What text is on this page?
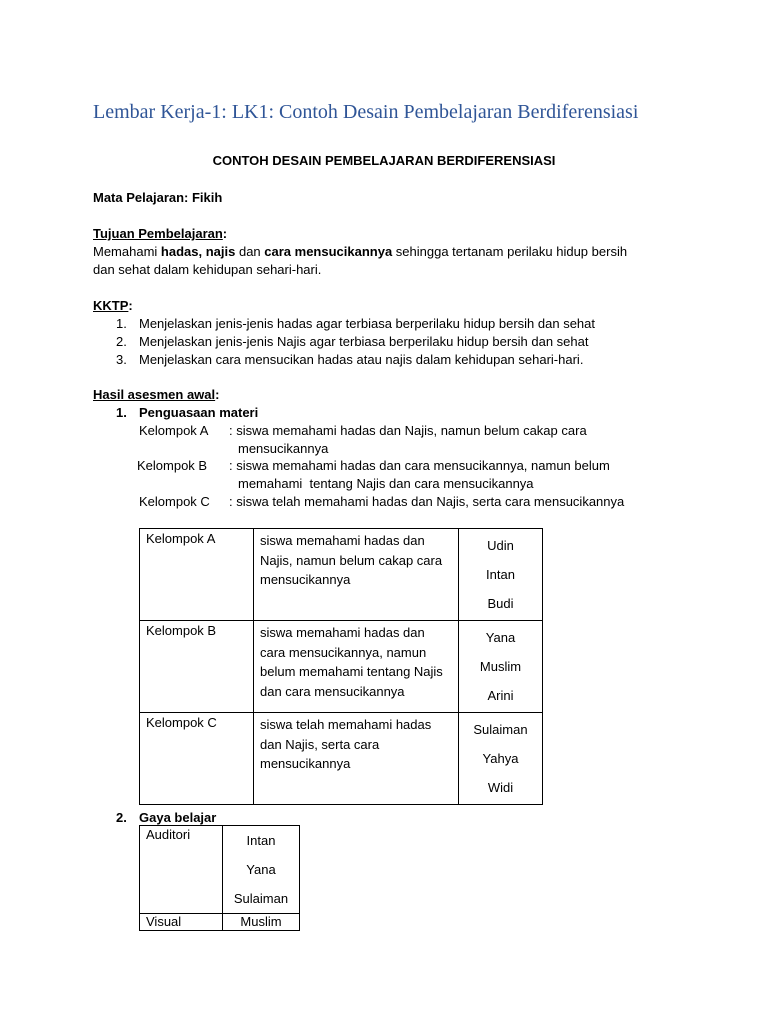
Lembar Kerja-1: LK1: Contoh Desain Pembelajaran Berdiferensiasi
CONTOH DESAIN PEMBELAJARAN BERDIFERENSIASI
Mata Pelajaran: Fikih
Tujuan Pembelajaran:
Memahami hadas, najis dan cara mensucikannya sehingga tertanam perilaku hidup bersih
dan sehat dalam kehidupan sehari-hari.
KKTP:
1. Menjelaskan jenis-jenis hadas agar terbiasa berperilaku hidup bersih dan sehat
2. Menjelaskan jenis-jenis Najis agar terbiasa berperilaku hidup bersih dan sehat
3. Menjelaskan cara mensucikan hadas atau najis dalam kehidupan sehari-hari.
Hasil asesmen awal:
1. Penguasaan materi
Kelompok A : siswa memahami hadas dan Najis, namun belum cakap cara
mensucikannya
Kelompok B : siswa memahami hadas dan cara mensucikannya, namun belum
memahami  tentang Najis dan cara mensucikannya
Kelompok C : siswa telah memahami hadas dan Najis, serta cara mensucikannya
Kelompok A	siswa memahami hadas dan Najis, namun belum cakap cara mensucikannya	Udin
Intan
Budi

Kelompok B	siswa memahami hadas dan cara mensucikannya, namun belum memahami tentang Najis dan cara mensucikannya	Yana
Muslim
Arini

Kelompok C	siswa telah memahami hadas dan Najis, serta cara mensucikannya	Sulaiman
Yahya
Widi
2. Gaya belajar
Auditori	Intan
Yana
Sulaiman

Visual	Muslim
